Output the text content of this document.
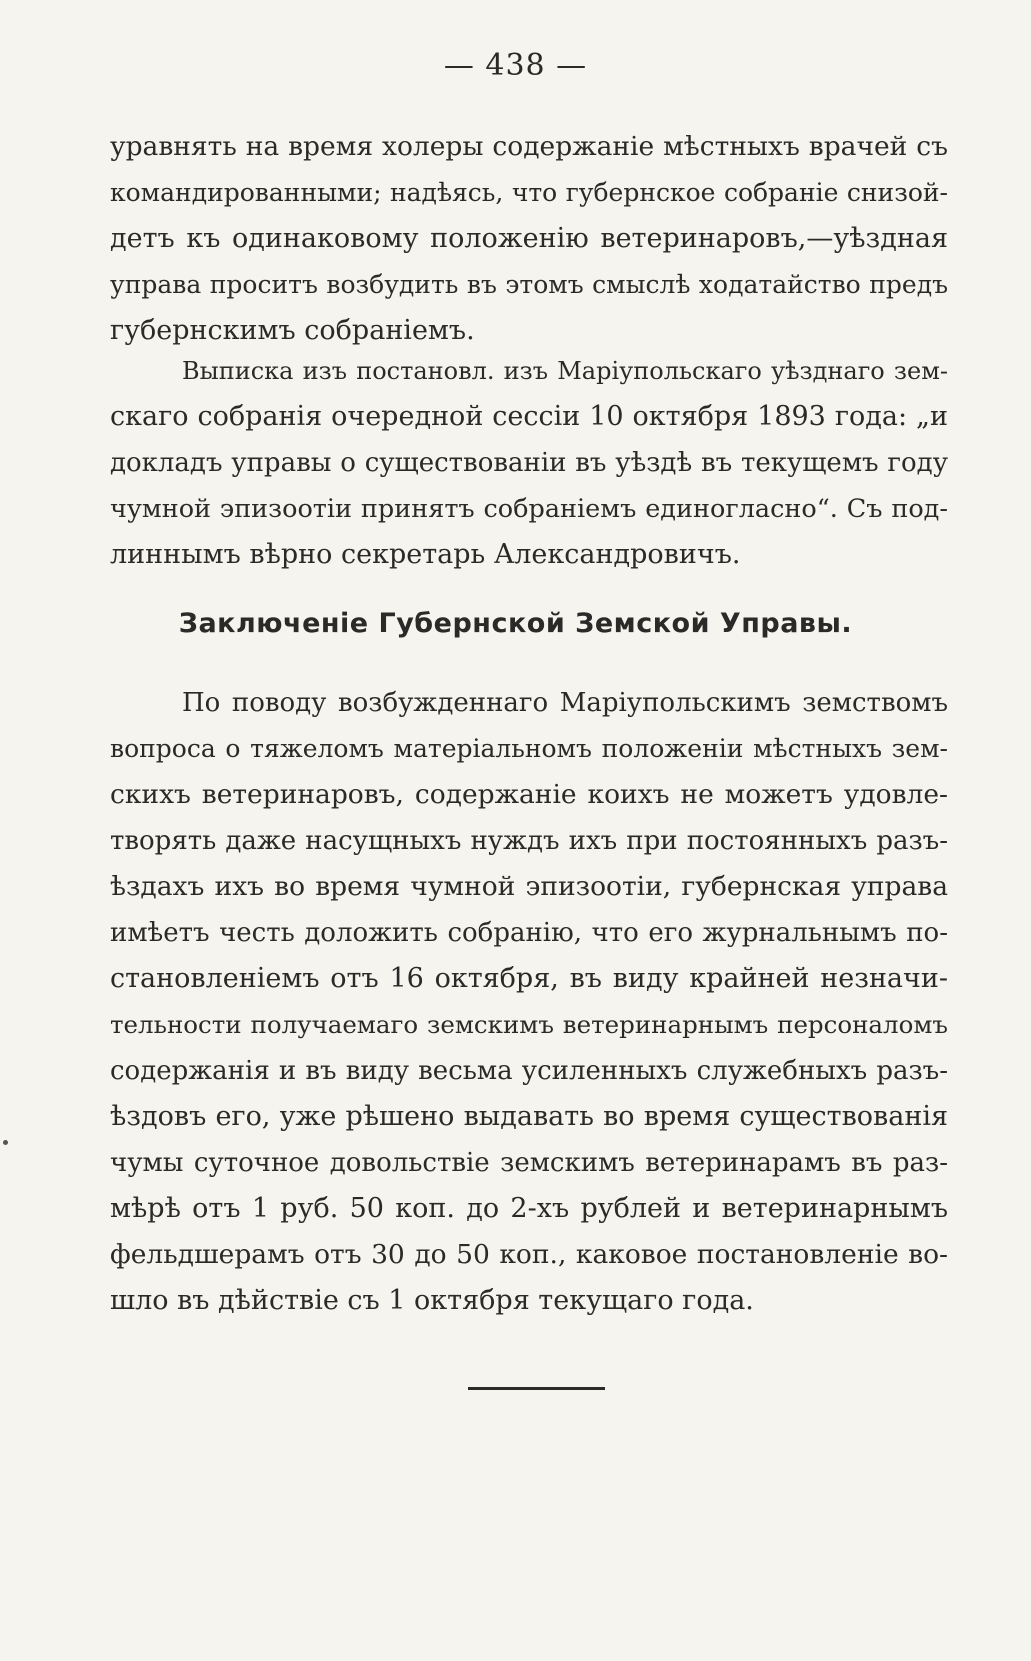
— 438 —
уравнять на время холеры содержаніе мѣстныхъ врачей съ
командированными; надѣясь, что губернское собраніе снизой-
детъ къ одинаковому положенію ветеринаровъ,—уѣздная
управа проситъ возбудить въ этомъ смыслѣ ходатайство предъ
губернскимъ собраніемъ.
Выписка изъ постановл. изъ Маріупольскаго уѣзднаго зем-
скаго собранія очередной сессіи 10 октября 1893 года: „и
докладъ управы о существованіи въ уѣздѣ въ текущемъ году
чумной эпизоотіи принятъ собраніемъ единогласно“. Съ под-
линнымъ вѣрно секретарь Александровичъ.
Заключеніе Губернской Земской Управы.
По поводу возбужденнаго Маріупольскимъ земствомъ
вопроса о тяжеломъ матеріальномъ положеніи мѣстныхъ зем-
скихъ ветеринаровъ, содержаніе коихъ не можетъ удовле-
творять даже насущныхъ нуждъ ихъ при постоянныхъ разъ-
ѣздахъ ихъ во время чумной эпизоотіи, губернская управа
имѣетъ честь доложить собранію, что его журнальнымъ по-
становленіемъ отъ 16 октября, въ виду крайней незначи-
тельности получаемаго земскимъ ветеринарнымъ персоналомъ
содержанія и въ виду весьма усиленныхъ служебныхъ разъ-
ѣздовъ его, уже рѣшено выдавать во время существованія
чумы суточное довольствіе земскимъ ветеринарамъ въ раз-
мѣрѣ отъ 1 руб. 50 коп. до 2-хъ рублей и ветеринарнымъ
фельдшерамъ отъ 30 до 50 коп., каковое постановленіе во-
шло въ дѣйствіе съ 1 октября текущаго года.
